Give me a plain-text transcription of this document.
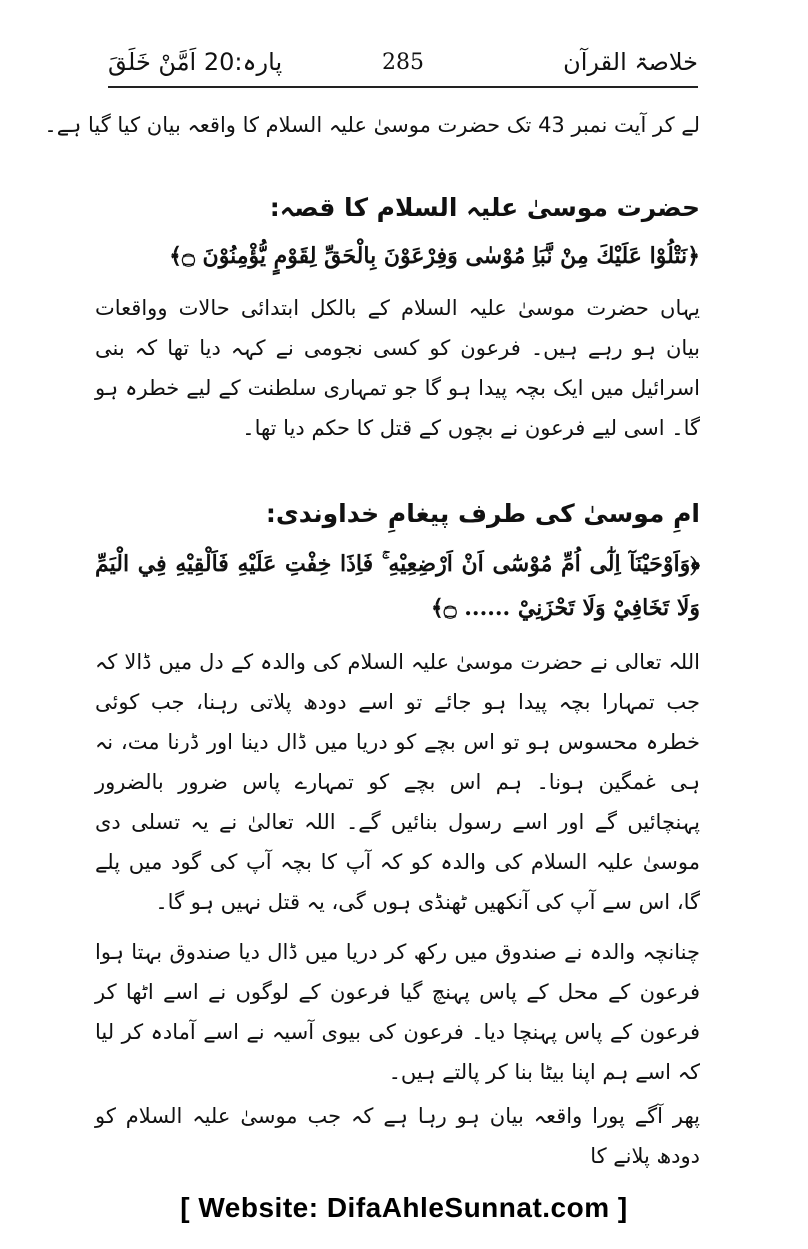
خلاصۃ القرآن
285
پارہ:20 اَمَّنْ خَلَقَ

لے کر آیت نمبر 43 تک حضرت موسیٰ علیہ السلام کا واقعہ بیان کیا گیا ہے۔

حضرت موسیٰ علیہ السلام کا قصہ:

﴿نَتْلُوْا عَلَيْكَ مِنْ نَّبَاِ مُوْسٰى وَفِرْعَوْنَ بِالْحَقِّ لِقَوْمٍ يُّؤْمِنُوْنَ ۝﴾

یہاں حضرت موسیٰ علیہ السلام کے بالکل ابتدائی حالات وواقعات بیان ہو رہے ہیں۔ فرعون کو کسی نجومی نے کہہ دیا تھا کہ بنی اسرائیل میں ایک بچہ پیدا ہو گا جو تمہاری سلطنت کے لیے خطرہ ہو گا۔ اسی لیے فرعون نے بچوں کے قتل کا حکم دیا تھا۔

امِ موسیٰ کی طرف پیغامِ خداوندی:

﴿وَاَوْحَيْنَآ اِلٰٓى اُمِّ مُوْسٰٓى اَنْ اَرْضِعِيْهِ ۚ فَاِذَا خِفْتِ عَلَيْهِ فَاَلْقِيْهِ فِي الْيَمِّ وَلَا تَخَافِيْ وَلَا تَحْزَنِيْ ...... ۝﴾

اللہ تعالی نے حضرت موسیٰ علیہ السلام کی والدہ کے دل میں ڈالا کہ جب تمہارا بچہ پیدا ہو جائے تو اسے دودھ پلاتی رہنا، جب کوئی خطرہ محسوس ہو تو اس بچے کو دریا میں ڈال دینا اور ڈرنا مت، نہ ہی غمگین ہونا۔ ہم اس بچے کو تمہارے پاس ضرور بالضرور پہنچائیں گے اور اسے رسول بنائیں گے۔ اللہ تعالیٰ نے یہ تسلی دی موسیٰ علیہ السلام کی والدہ کو کہ آپ کا بچہ آپ کی گود میں پلے گا، اس سے آپ کی آنکھیں ٹھنڈی ہوں گی، یہ قتل نہیں ہو گا۔

چنانچہ والدہ نے صندوق میں رکھ کر دریا میں ڈال دیا صندوق بہتا ہوا فرعون کے محل کے پاس پہنچ گیا فرعون کے لوگوں نے اسے اٹھا کر فرعون کے پاس پہنچا دیا۔ فرعون کی بیوی آسیہ نے اسے آمادہ کر لیا کہ اسے ہم اپنا بیٹا بنا کر پالتے ہیں۔

پھر آگے پورا واقعہ بیان ہو رہا ہے کہ جب موسیٰ علیہ السلام کو دودھ پلانے کا

[ Website: DifaAhleSunnat.com ]
